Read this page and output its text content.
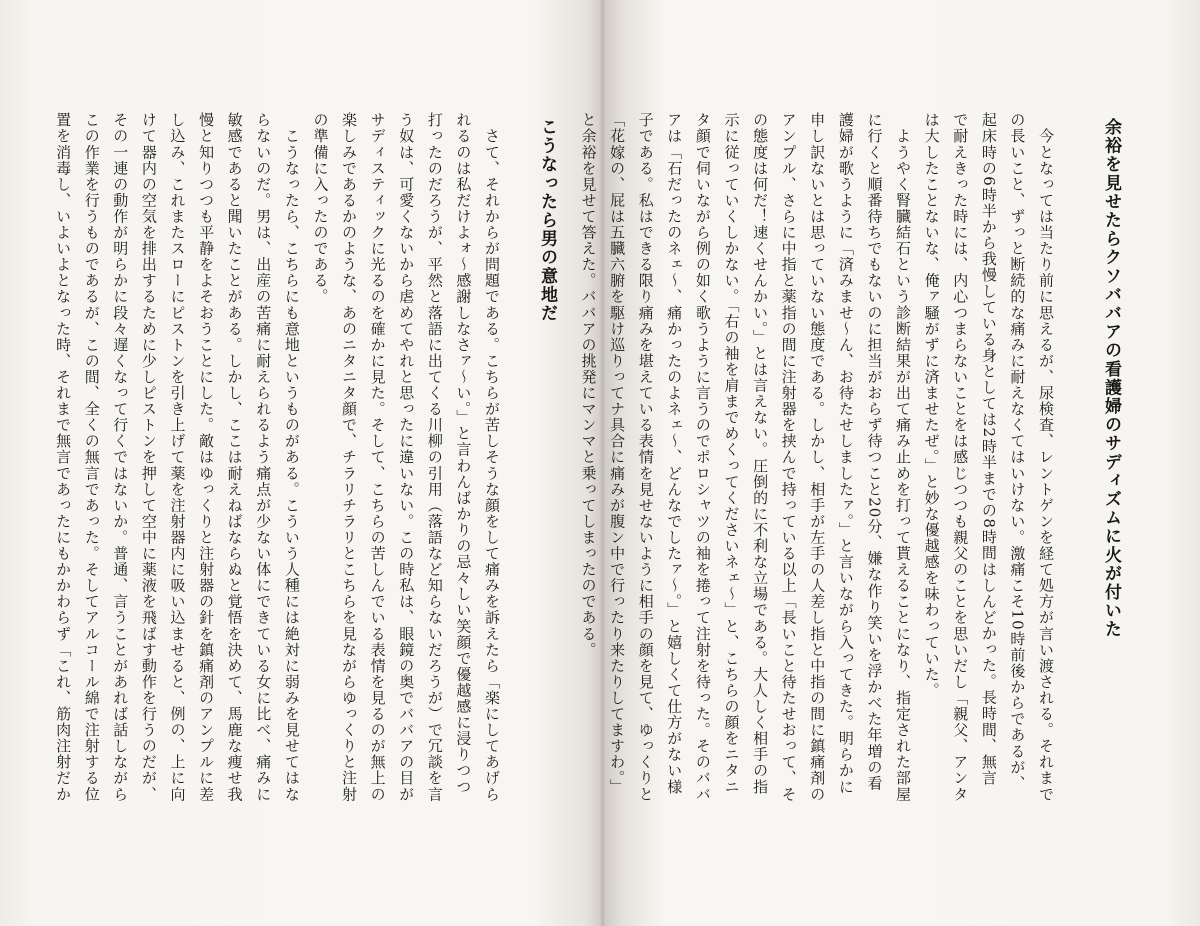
こうなったら男の意地だ

　さて、それからが問題である。こちらが苦しそうな顔をして痛みを訴えたら「楽にしてあげら

れるのは私だけよォ〜感謝しなさァ〜い。」と言わんばかりの忌々しい笑顔で優越感に浸りつつ

打ったのだろうが、平然と落語に出てくる川柳の引用（落語など知らないだろうが）で冗談を言

う奴は、可愛くないから虐めてやれと思ったに違いない。この時私は、眼鏡の奥でババアの目が

サディスティックに光るのを確かに見た。そして、こちらの苦しんでいる表情を見るのが無上の

楽しみであるかのような、あのニタニタ顔で、チラリチラリとこちらを見ながらゆっくりと注射

の準備に入ったのである。

　こうなったら、こちらにも意地というものがある。こういう人種には絶対に弱みを見せてはな

らないのだ。男は、出産の苦痛に耐えられるよう痛点が少ない体にできている女に比べ、痛みに

敏感であると聞いたことがある。しかし、ここは耐えねばならぬと覚悟を決めて、馬鹿な痩せ我

慢と知りつつも平静をよそおうことにした。敵はゆっくりと注射器の針を鎮痛剤のアンプルに差

し込み、これまたスローにピストンを引き上げて薬を注射器内に吸い込ませると、例の、上に向

けて器内の空気を排出するために少しピストンを押して空中に薬液を飛ばす動作を行うのだが、

その一連の動作が明らかに段々遅くなって行くではないか。普通、言うことがあれば話しながら

この作業を行うものであるが、この間、全くの無言であった。そしてアルコール綿で注射する位

置を消毒し、いよいよとなった時、それまで無言であったにもかかわらず「これ、筋肉注射だか	余裕を見せたらクソババアの看護婦のサディズムに火が付いた

　今となっては当たり前に思えるが、尿検査、レントゲンを経て処方が言い渡される。それまで

の長いこと、ずっと断続的な痛みに耐えなくてはいけない。激痛こそ10時前後からであるが、

起床時の6時半から我慢している身としては2時半までの8時間はしんどかった。長時間、無言

で耐えきった時には、内心つまらないことをは感じつつも親父のことを思いだし「親父、アンタ

は大したことないな、俺ァ騒がずに済ませたぜ。」と妙な優越感を味わっていた。

　ようやく腎臓結石という診断結果が出て痛み止めを打って貰えることになり、指定された部屋

に行くと順番待ちでもないのに担当がおらず待つこと20分、嫌な作り笑いを浮かべた年増の看

護婦が歌うように「済みませ〜ん、お待たせしましたァ。」と言いながら入ってきた。明らかに

申し訳ないとは思っていない態度である。しかし、相手が左手の人差し指と中指の間に鎮痛剤の

アンプル、さらに中指と薬指の間に注射器を挟んで持っている以上「長いこと待たせおって、そ

の態度は何だ！速くせんかい。」とは言えない。圧倒的に不利な立場である。大人しく相手の指

示に従っていくしかない。「右の袖を肩までめくってくださいネェ〜」と、こちらの顔をニタニ

タ顔で伺いながら例の如く歌うように言うのでポロシャツの袖を捲って注射を待った。そのババ

アは「石だったのネェ〜、痛かったのよネェ〜、どんなでしたァ〜。」と嬉しくて仕方がない様

子である。私はできる限り痛みを堪えている表情を見せないように相手の顔を見て、ゆっくりと

「花嫁の、屁は五臓六腑を駆け巡りってナ具合に痛みが腹ン中で行ったり来たりしてますわ。」

と余裕を見せて答えた。ババアの挑発にマンマと乗ってしまったのである。
